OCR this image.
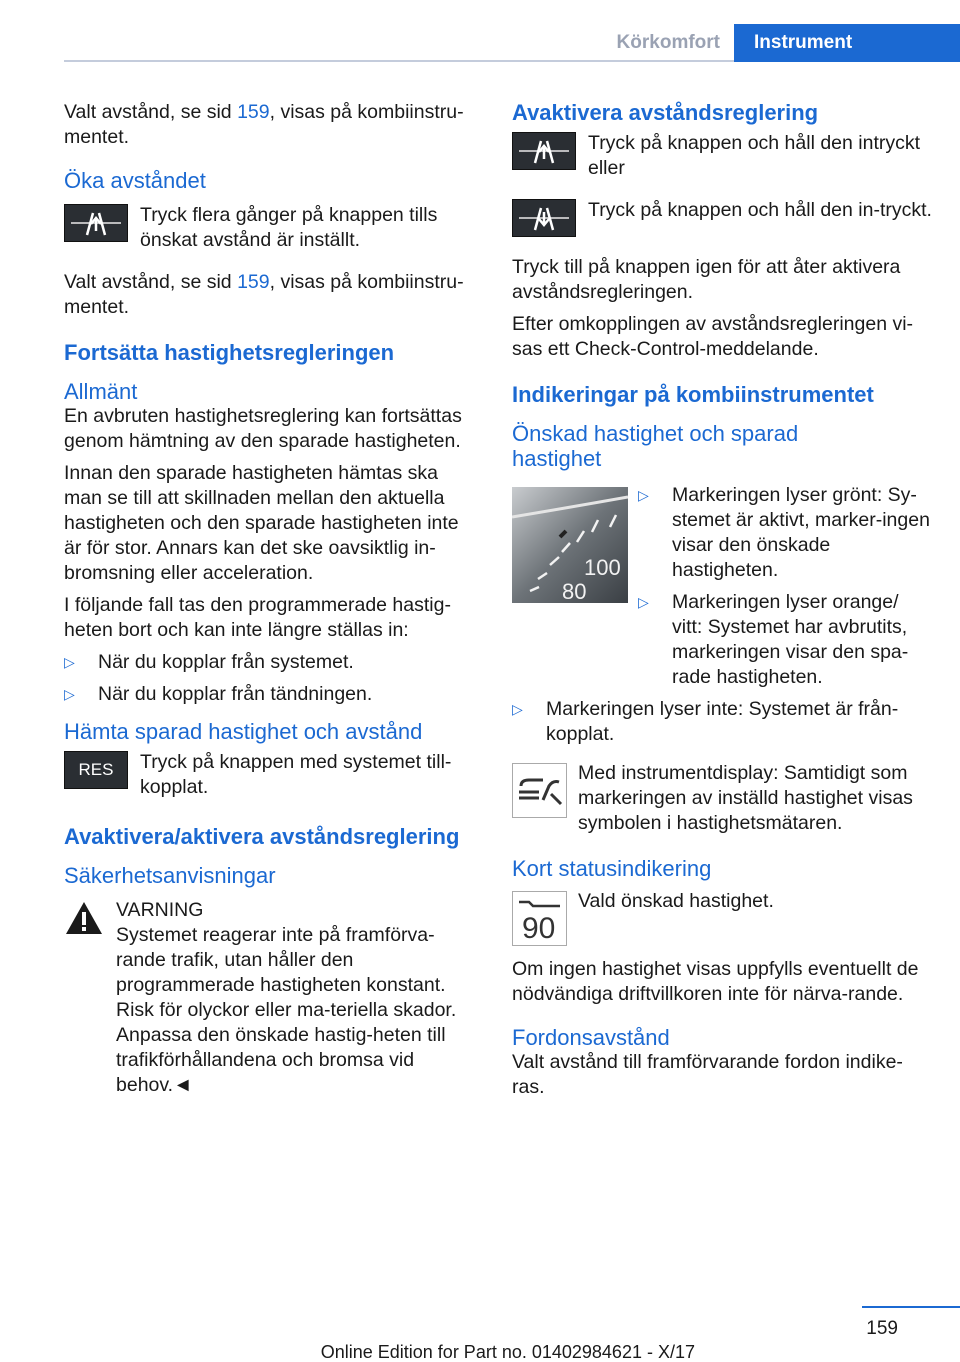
Körkomfort	Instrument

Valt avstånd, se sid 159, visas på kombiinstru-mentet.

Öka avståndet
Tryck flera gånger på knappen tills önskat avstånd är inställt.

Valt avstånd, se sid 159, visas på kombiinstru-mentet.

Fortsätta hastighetsregleringen
Allmänt

En avbruten hastighetsreglering kan fortsättas genom hämtning av den sparade hastigheten.

Innan den sparade hastigheten hämtas ska man se till att skillnaden mellan den aktuella hastigheten och den sparade hastigheten inte är för stor. Annars kan det ske oavsiktlig in-bromsning eller acceleration.

I följande fall tas den programmerade hastig-heten bort och kan inte längre ställas in:

▷ När du kopplar från systemet.
▷ När du kopplar från tändningen.
Hämta sparad hastighet och avstånd
RES	Tryck på knappen med systemet till-kopplat.
Avaktivera/aktivera avståndsreglering
Säkerhetsanvisningar
VARNING
Systemet reagerar inte på framförva-rande trafik, utan håller den programmerade hastigheten konstant. Risk för olyckor eller ma-teriella skador. Anpassa den önskade hastig-heten till trafikförhållandena och bromsa vid behov.◄
Avaktivera avståndsreglering
Tryck på knappen och håll den intryckt eller
Tryck på knappen och håll den in-tryckt.

Tryck till på knappen igen för att åter aktivera avståndsregleringen.

Efter omkopplingen av avståndsregleringen vi-sas ett Check-Control-meddelande.

Indikeringar på kombiinstrumentet
Önskad hastighet och sparad hastighet
100
80
▷ Markeringen lyser grönt: Sy-stemet är aktivt, marker-ingen visar den önskade hastigheten.
▷ Markeringen lyser orange/ vitt: Systemet har avbrutits, markeringen visar den spa-rade hastigheten.
▷ Markeringen lyser inte: Systemet är från-kopplat.
Med instrumentdisplay: Samtidigt som markeringen av inställd hastighet visas symbolen i hastighetsmätaren.
Kort statusindikering
90
Vald önskad hastighet.

Om ingen hastighet visas uppfylls eventuellt de nödvändiga driftvillkoren inte för närva-rande.

Fordonsavstånd

Valt avstånd till framförvarande fordon indike-ras.

159
Online Edition for Part no. 01402984621 - X/17
